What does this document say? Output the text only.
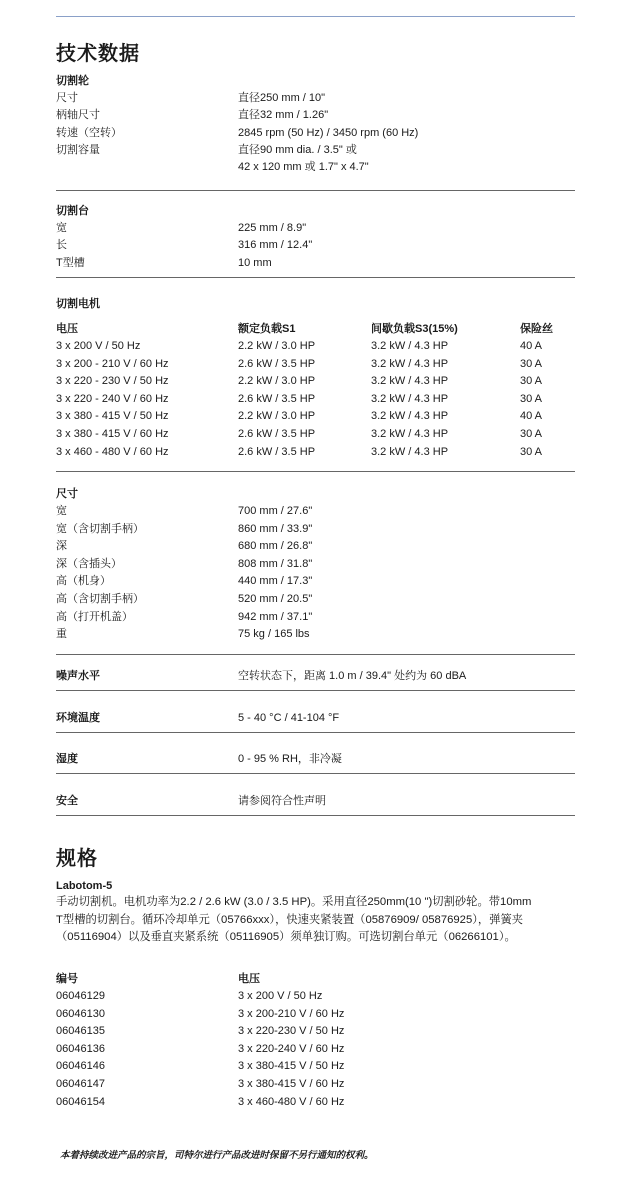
技术数据
切割轮
尺寸	直径250 mm / 10"
柄轴尺寸	直径32 mm / 1.26"
转速（空转）	2845 rpm (50 Hz) / 3450 rpm (60 Hz)
切割容量	直径90 mm dia. / 3.5" 或
42 x 120 mm 或 1.7" x 4.7"
切割台
宽	225 mm / 8.9"
长	316 mm / 12.4"
T型槽	10 mm
切割电机
电压	额定负载S1	间歇负载S3(15%)	保险丝
3 x 200 V / 50 Hz	2.2 kW / 3.0 HP	3.2 kW / 4.3 HP	40 A
3 x 200 - 210 V / 60 Hz	2.6 kW / 3.5 HP	3.2 kW / 4.3 HP	30 A
3 x 220 - 230 V / 50 Hz	2.2 kW / 3.0 HP	3.2 kW / 4.3 HP	30 A
3 x 220 - 240 V / 60 Hz	2.6 kW / 3.5 HP	3.2 kW / 4.3 HP	30 A
3 x 380 - 415 V / 50 Hz	2.2 kW / 3.0 HP	3.2 kW / 4.3 HP	40 A
3 x 380 - 415 V / 60 Hz	2.6 kW / 3.5 HP	3.2 kW / 4.3 HP	30 A
3 x 460 - 480 V / 60 Hz	2.6 kW / 3.5 HP	3.2 kW / 4.3 HP	30 A
尺寸
宽	700 mm / 27.6"
宽（含切割手柄）	860 mm / 33.9"
深	680 mm / 26.8"
深（含插头）	808 mm / 31.8"
高（机身）	440 mm / 17.3"
高（含切割手柄）	520 mm / 20.5"
高（打开机盖）	942 mm / 37.1"
重	75 kg / 165 lbs
噪声水平	空转状态下，距离 1.0 m / 39.4" 处约为 60 dBA
环境温度	5 - 40 °C / 41-104 °F
湿度	0 - 95 % RH，非冷凝
安全	请参阅符合性声明
规格
Labotom-5
手动切割机。电机功率为2.2 / 2.6 kW (3.0 / 3.5 HP)。采用直径250mm(10 ")切割砂轮。带10mm
T型槽的切割台。循环冷却单元（05766xxx），快速夹紧装置（05876909/ 05876925），弹簧夹
（05116904）以及垂直夹紧系统（05116905）须单独订购。可选切割台单元（06266101）。
编号	电压
06046129	3 x 200 V / 50 Hz
06046130	3 x 200-210 V / 60 Hz
06046135	3 x 220-230 V / 50 Hz
06046136	3 x 220-240 V / 60 Hz
06046146	3 x 380-415 V / 50 Hz
06046147	3 x 380-415 V / 60 Hz
06046154	3 x 460-480 V / 60 Hz
本着持续改进产品的宗旨，司特尔进行产品改进时保留不另行通知的权利。
